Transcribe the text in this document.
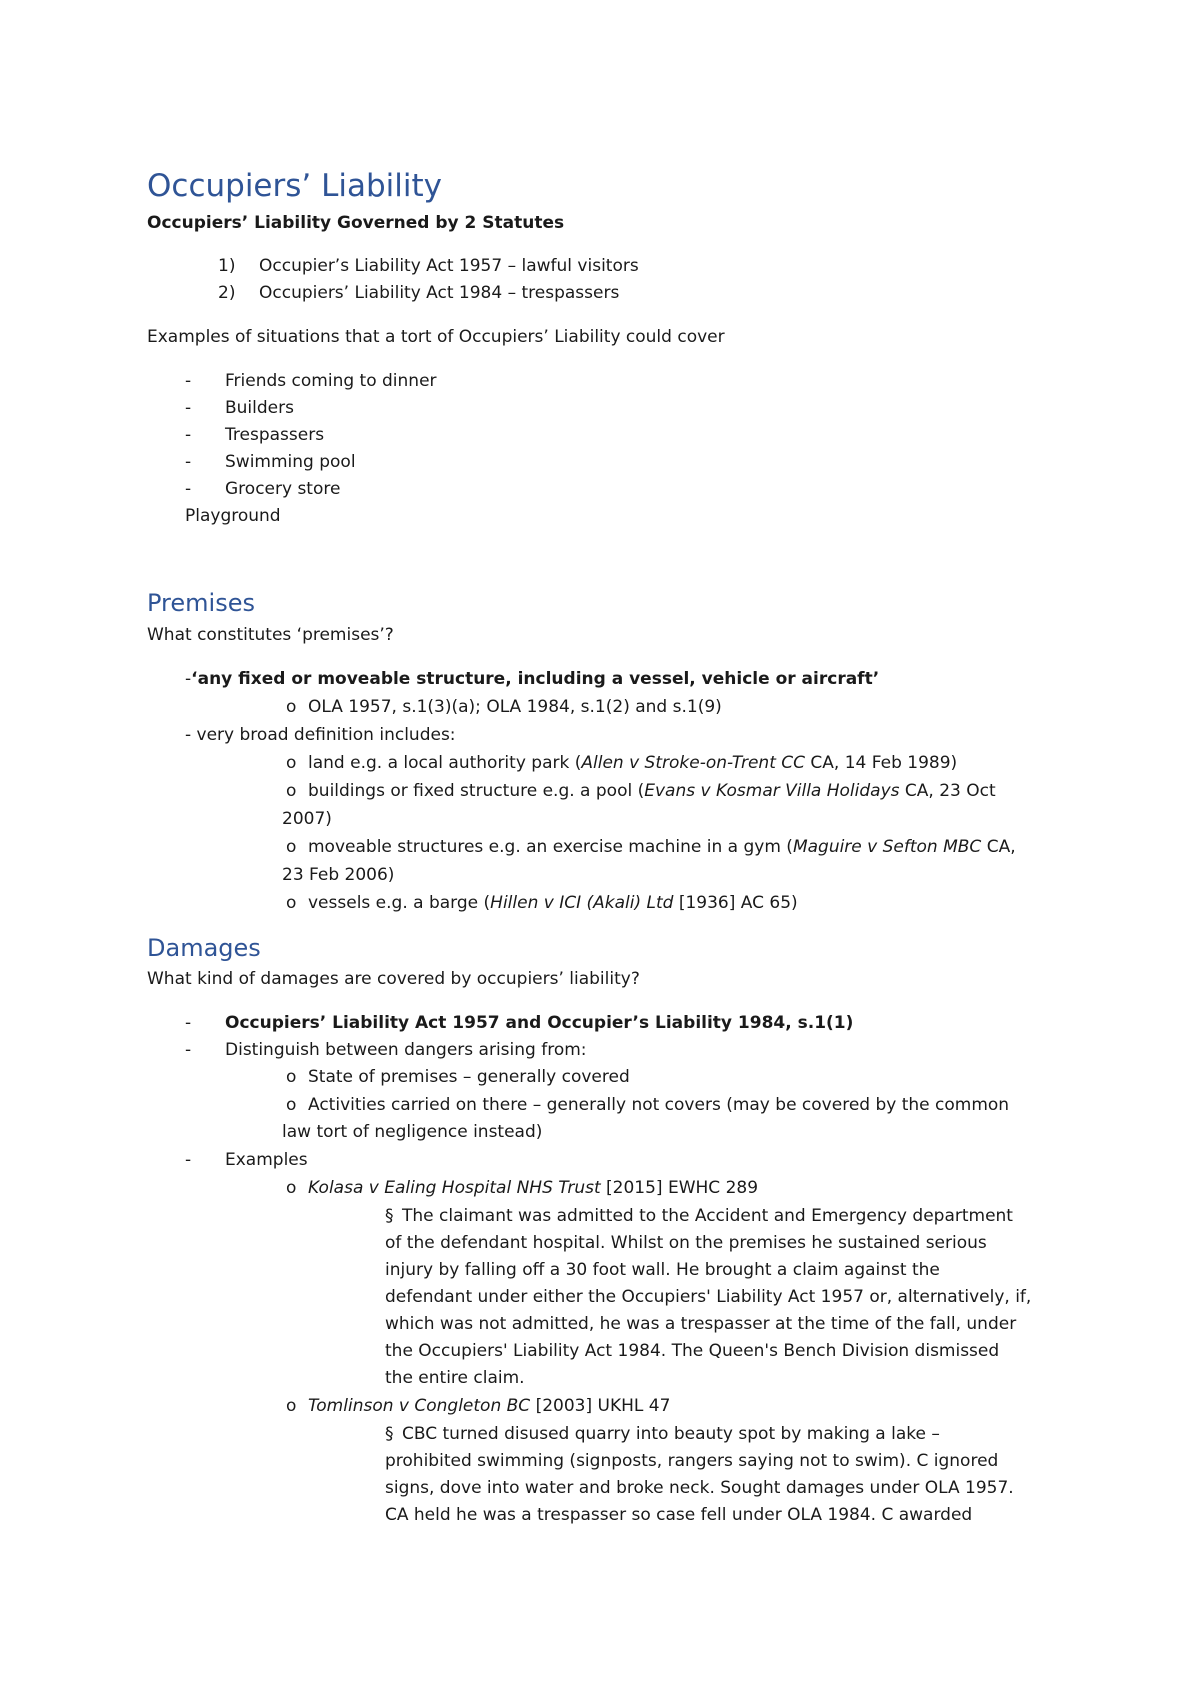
Occupiers’ Liability
Occupiers’ Liability Governed by 2 Statutes
1) Occupier’s Liability Act 1957 – lawful visitors
2) Occupiers’ Liability Act 1984 – trespassers
Examples of situations that a tort of Occupiers’ Liability could cover
- Friends coming to dinner
- Builders
- Trespassers
- Swimming pool
- Grocery store
Playground
Premises
What constitutes ‘premises’?
-‘any fixed or moveable structure, including a vessel, vehicle or aircraft’
o OLA 1957, s.1(3)(a); OLA 1984, s.1(2) and s.1(9)
- very broad definition includes:
o land e.g. a local authority park (Allen v Stroke-on-Trent CC CA, 14 Feb 1989)
o buildings or fixed structure e.g. a pool (Evans v Kosmar Villa Holidays CA, 23 Oct
2007)
o moveable structures e.g. an exercise machine in a gym (Maguire v Sefton MBC CA,
23 Feb 2006)
o vessels e.g. a barge (Hillen v ICI (Akali) Ltd [1936] AC 65)
Damages
What kind of damages are covered by occupiers’ liability?
- Occupiers’ Liability Act 1957 and Occupier’s Liability 1984, s.1(1)
- Distinguish between dangers arising from:
o State of premises – generally covered
o Activities carried on there – generally not covers (may be covered by the common
law tort of negligence instead)
- Examples
o Kolasa v Ealing Hospital NHS Trust [2015] EWHC 289
§ The claimant was admitted to the Accident and Emergency department
of the defendant hospital. Whilst on the premises he sustained serious
injury by falling off a 30 foot wall. He brought a claim against the
defendant under either the Occupiers' Liability Act 1957 or, alternatively, if,
which was not admitted, he was a trespasser at the time of the fall, under
the Occupiers' Liability Act 1984. The Queen's Bench Division dismissed
the entire claim.
o Tomlinson v Congleton BC [2003] UKHL 47
§ CBC turned disused quarry into beauty spot by making a lake –
prohibited swimming (signposts, rangers saying not to swim). C ignored
signs, dove into water and broke neck. Sought damages under OLA 1957.
CA held he was a trespasser so case fell under OLA 1984. C awarded
